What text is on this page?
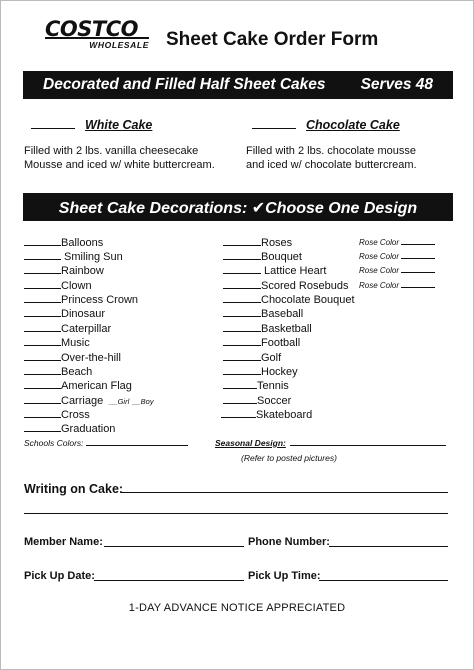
COSTCO
WHOLESALE Sheet Cake Order Form
Decorated and Filled Half Sheet Cakes Serves 48
White Cake	Chocolate Cake
Filled with 2 lbs. vanilla cheesecake
Mousse and iced w/ white buttercream.
Filled with 2 lbs. chocolate mousse
and iced w/ chocolate buttercream.
Sheet Cake Decorations: ✔Choose One Design
Balloons
Smiling Sun
Rainbow
Clown
Princess Crown
Dinosaur
Caterpillar
Music
Over-the-hill
Beach
American Flag
Carriage __Girl __Boy
Cross
Graduation
Roses
Bouquet
Lattice Heart
Scored Rosebuds
Chocolate Bouquet
Baseball
Basketball
Football
Golf
Hockey
Tennis
Soccer
Skateboard
Rose Color
Rose Color
Rose Color
Rose Color
Schools Colors:	Seasonal Design:
(Refer to posted pictures)
Writing on Cake:
Member Name:	Phone Number:
Pick Up Date:	Pick Up Time:
1-DAY ADVANCE NOTICE APPRECIATED
